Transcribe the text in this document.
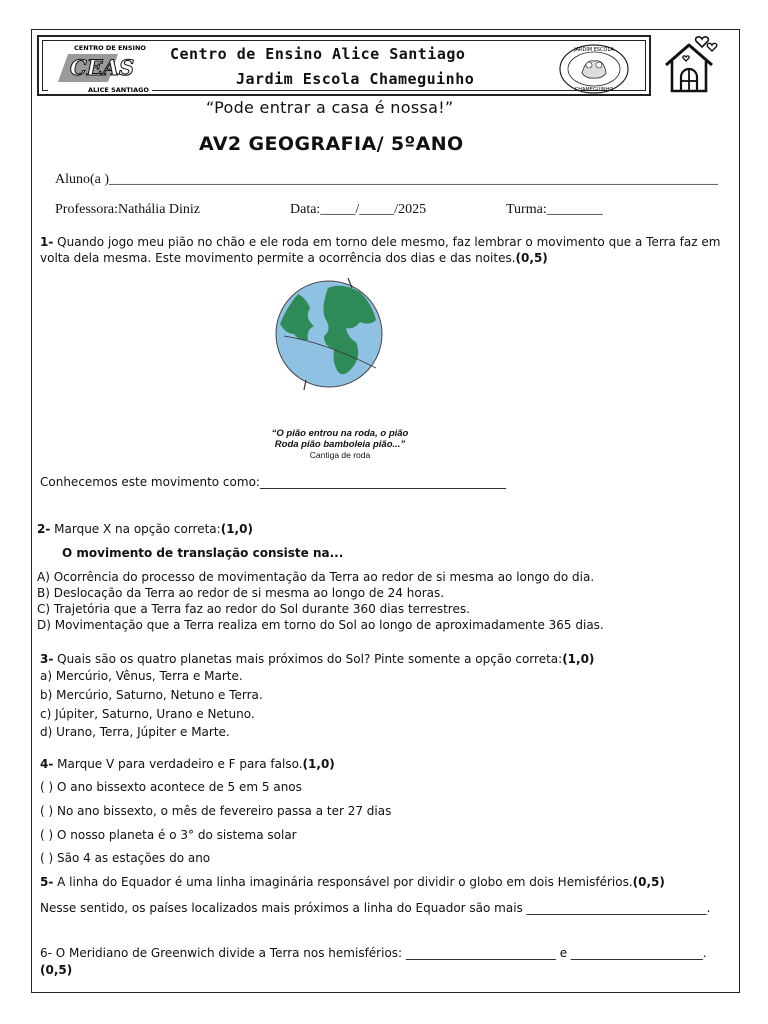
CENTRO DE ENSINO
CEAS
ALICE SANTIAGO
Centro de Ensino Alice Santiago
Jardim Escola Chameguinho
JARDIM ESCOLA
CHAMEGUINHO
“Pode entrar a casa é nossa!”
AV2 GEOGRAFIA/ 5ºANO
Aluno(a )_______________________________________________________________________________________
Professora:Nathália Diniz	Data:_____/_____/2025	Turma:________
1- Quando jogo meu pião no chão e ele roda em torno dele mesmo, faz lembrar o movimento que a Terra faz em volta dela mesma. Este movimento permite a ocorrência dos dias e das noites.(0,5)
“O pião entrou na roda, o pião
Roda pião bamboleia pião...”
Cantiga de roda
Conhecemos este movimento como:_________________________________________
2- Marque X na opção correta:(1,0)
O movimento de translação consiste na...
A) Ocorrência do processo de movimentação da Terra ao redor de si mesma ao longo do dia.
B) Deslocação da Terra ao redor de si mesma ao longo de 24 horas.
C) Trajetória que a Terra faz ao redor do Sol durante 360 dias terrestres.
D) Movimentação que a Terra realiza em torno do Sol ao longo de aproximadamente 365 dias.
3- Quais são os quatro planetas mais próximos do Sol? Pinte somente a opção correta:(1,0)
a) Mercúrio, Vênus, Terra e Marte.
b) Mercúrio, Saturno, Netuno e Terra.
c) Júpiter, Saturno, Urano e Netuno.
d) Urano, Terra, Júpiter e Marte.
4- Marque V para verdadeiro e F para falso.(1,0)
( ) O ano bissexto acontece de 5 em 5 anos
( ) No ano bissexto, o mês de fevereiro passa a ter 27 dias
( ) O nosso planeta é o 3° do sistema solar
( ) São 4 as estações do ano
5- A linha do Equador é uma linha imaginária responsável por dividir o globo em dois Hemisférios.(0,5)
Nesse sentido, os países localizados mais próximos a linha do Equador são mais ______________________________.
6- O Meridiano de Greenwich divide a Terra nos hemisférios: _________________________ e ______________________.
(0,5)
